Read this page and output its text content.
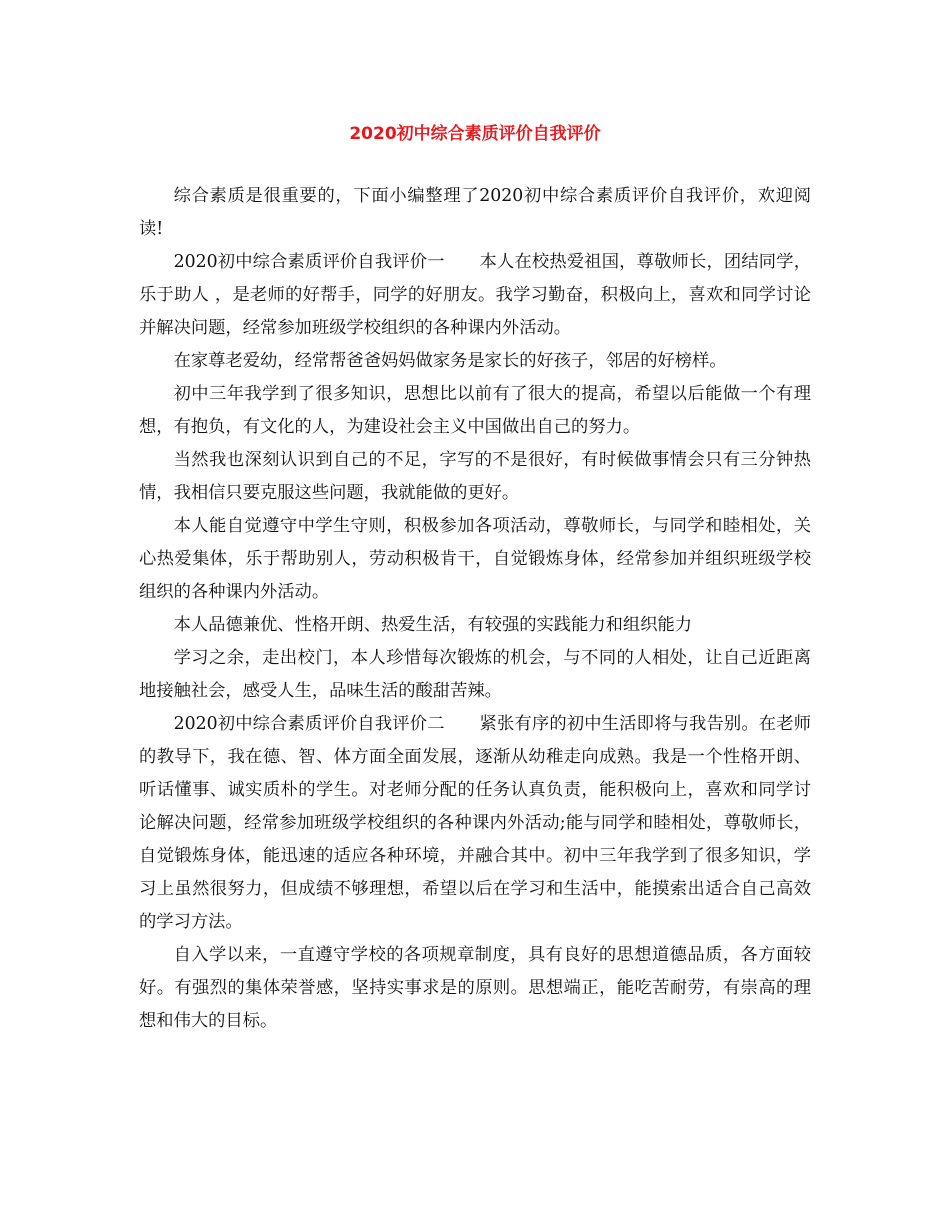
2020初中综合素质评价自我评价

综合素质是很重要的，下面小编整理了2020初中综合素质评价自我评价，欢迎阅读!

2020初中综合素质评价自我评价一　　本人在校热爱祖国，尊敬师长，团结同学，乐于助人 ，是老师的好帮手，同学的好朋友。我学习勤奋，积极向上，喜欢和同学讨论并解决问题，经常参加班级学校组织的各种课内外活动。

在家尊老爱幼，经常帮爸爸妈妈做家务是家长的好孩子，邻居的好榜样。

初中三年我学到了很多知识，思想比以前有了很大的提高，希望以后能做一个有理想，有抱负，有文化的人，为建设社会主义中国做出自己的努力。

当然我也深刻认识到自己的不足，字写的不是很好，有时候做事情会只有三分钟热情，我相信只要克服这些问题，我就能做的更好。

本人能自觉遵守中学生守则，积极参加各项活动，尊敬师长，与同学和睦相处，关心热爱集体，乐于帮助别人，劳动积极肯干，自觉锻炼身体，经常参加并组织班级学校组织的各种课内外活动。

本人品德兼优、性格开朗、热爱生活，有较强的实践能力和组织能力

学习之余，走出校门，本人珍惜每次锻炼的机会，与不同的人相处，让自己近距离地接触社会，感受人生，品味生活的酸甜苦辣。

2020初中综合素质评价自我评价二　　紧张有序的初中生活即将与我告别。在老师的教导下，我在德、智、体方面全面发展，逐渐从幼稚走向成熟。我是一个性格开朗、听话懂事、诚实质朴的学生。对老师分配的任务认真负责，能积极向上，喜欢和同学讨论解决问题，经常参加班级学校组织的各种课内外活动;能与同学和睦相处，尊敬师长，自觉锻炼身体，能迅速的适应各种环境，并融合其中。初中三年我学到了很多知识，学习上虽然很努力，但成绩不够理想，希望以后在学习和生活中，能摸索出适合自己高效的学习方法。

自入学以来，一直遵守学校的各项规章制度，具有良好的思想道德品质，各方面较好。有强烈的集体荣誉感，坚持实事求是的原则。思想端正，能吃苦耐劳，有崇高的理想和伟大的目标。
